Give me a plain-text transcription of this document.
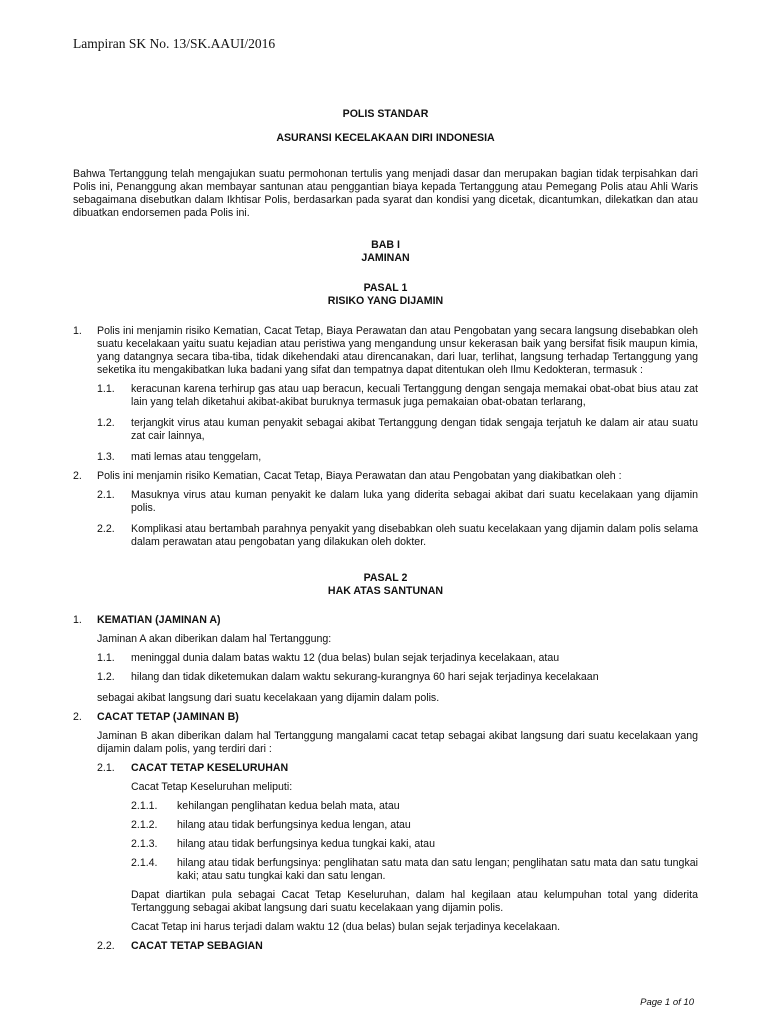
Lampiran SK No. 13/SK.AAUI/2016
POLIS STANDAR
ASURANSI KECELAKAAN DIRI INDONESIA
Bahwa Tertanggung telah mengajukan suatu permohonan tertulis yang menjadi dasar dan merupakan bagian tidak terpisahkan dari Polis ini, Penanggung akan membayar santunan atau penggantian biaya kepada Tertanggung atau Pemegang Polis atau Ahli Waris sebagaimana disebutkan dalam Ikhtisar Polis, berdasarkan pada syarat dan kondisi yang dicetak, dicantumkan, dilekatkan dan atau dibuatkan endorsemen pada Polis ini.
BAB I
JAMINAN
PASAL 1
RISIKO YANG DIJAMIN
1.	Polis ini menjamin risiko Kematian, Cacat Tetap, Biaya Perawatan dan atau Pengobatan yang secara langsung disebabkan oleh suatu kecelakaan yaitu suatu kejadian atau peristiwa yang mengandung unsur kekerasan baik yang bersifat fisik maupun kimia, yang datangnya secara tiba-tiba, tidak dikehendaki atau direncanakan, dari luar, terlihat, langsung terhadap Tertanggung yang seketika itu mengakibatkan luka badani yang sifat dan tempatnya dapat ditentukan oleh Ilmu Kedokteran, termasuk :
1.1.	keracunan karena terhirup gas atau uap beracun, kecuali Tertanggung dengan sengaja memakai obat-obat bius atau zat lain yang telah diketahui akibat-akibat buruknya termasuk juga pemakaian obat-obatan terlarang,
1.2.	terjangkit virus atau kuman penyakit sebagai akibat Tertanggung dengan tidak sengaja terjatuh ke dalam air atau suatu zat cair lainnya,
1.3.	mati lemas atau tenggelam,
2.	Polis ini menjamin risiko Kematian, Cacat Tetap, Biaya Perawatan dan atau Pengobatan yang diakibatkan oleh :
2.1.	Masuknya virus atau kuman penyakit ke dalam luka yang diderita sebagai akibat dari suatu kecelakaan yang dijamin polis.
2.2.	Komplikasi atau bertambah parahnya penyakit yang disebabkan oleh suatu kecelakaan yang dijamin dalam polis selama dalam perawatan atau pengobatan yang dilakukan oleh dokter.
PASAL 2
HAK ATAS SANTUNAN
1.	KEMATIAN (JAMINAN A)
Jaminan A akan diberikan dalam hal Tertanggung:
1.1.	meninggal dunia dalam batas waktu 12 (dua belas) bulan sejak terjadinya kecelakaan, atau
1.2.	hilang dan tidak diketemukan dalam waktu sekurang-kurangnya 60 hari sejak terjadinya kecelakaan
sebagai akibat langsung dari suatu kecelakaan yang dijamin dalam polis.
2.	CACAT TETAP (JAMINAN B)
Jaminan B akan diberikan dalam hal Tertanggung mangalami cacat tetap sebagai akibat langsung dari suatu kecelakaan yang dijamin dalam polis, yang terdiri dari :
2.1.	CACAT TETAP KESELURUHAN
Cacat Tetap Keseluruhan meliputi:
2.1.1.	kehilangan penglihatan kedua belah mata, atau
2.1.2.	hilang atau tidak berfungsinya kedua lengan, atau
2.1.3.	hilang atau tidak berfungsinya kedua tungkai kaki, atau
2.1.4.	hilang atau tidak berfungsinya: penglihatan satu mata dan satu lengan; penglihatan satu mata dan satu tungkai kaki; atau satu tungkai kaki dan satu lengan.
Dapat diartikan pula sebagai Cacat Tetap Keseluruhan, dalam hal kegilaan atau kelumpuhan total yang diderita Tertanggung sebagai akibat langsung dari suatu kecelakaan yang dijamin polis.
Cacat Tetap ini harus terjadi dalam waktu 12 (dua belas) bulan sejak terjadinya kecelakaan.
2.2.	CACAT TETAP SEBAGIAN
Page 1 of 10
